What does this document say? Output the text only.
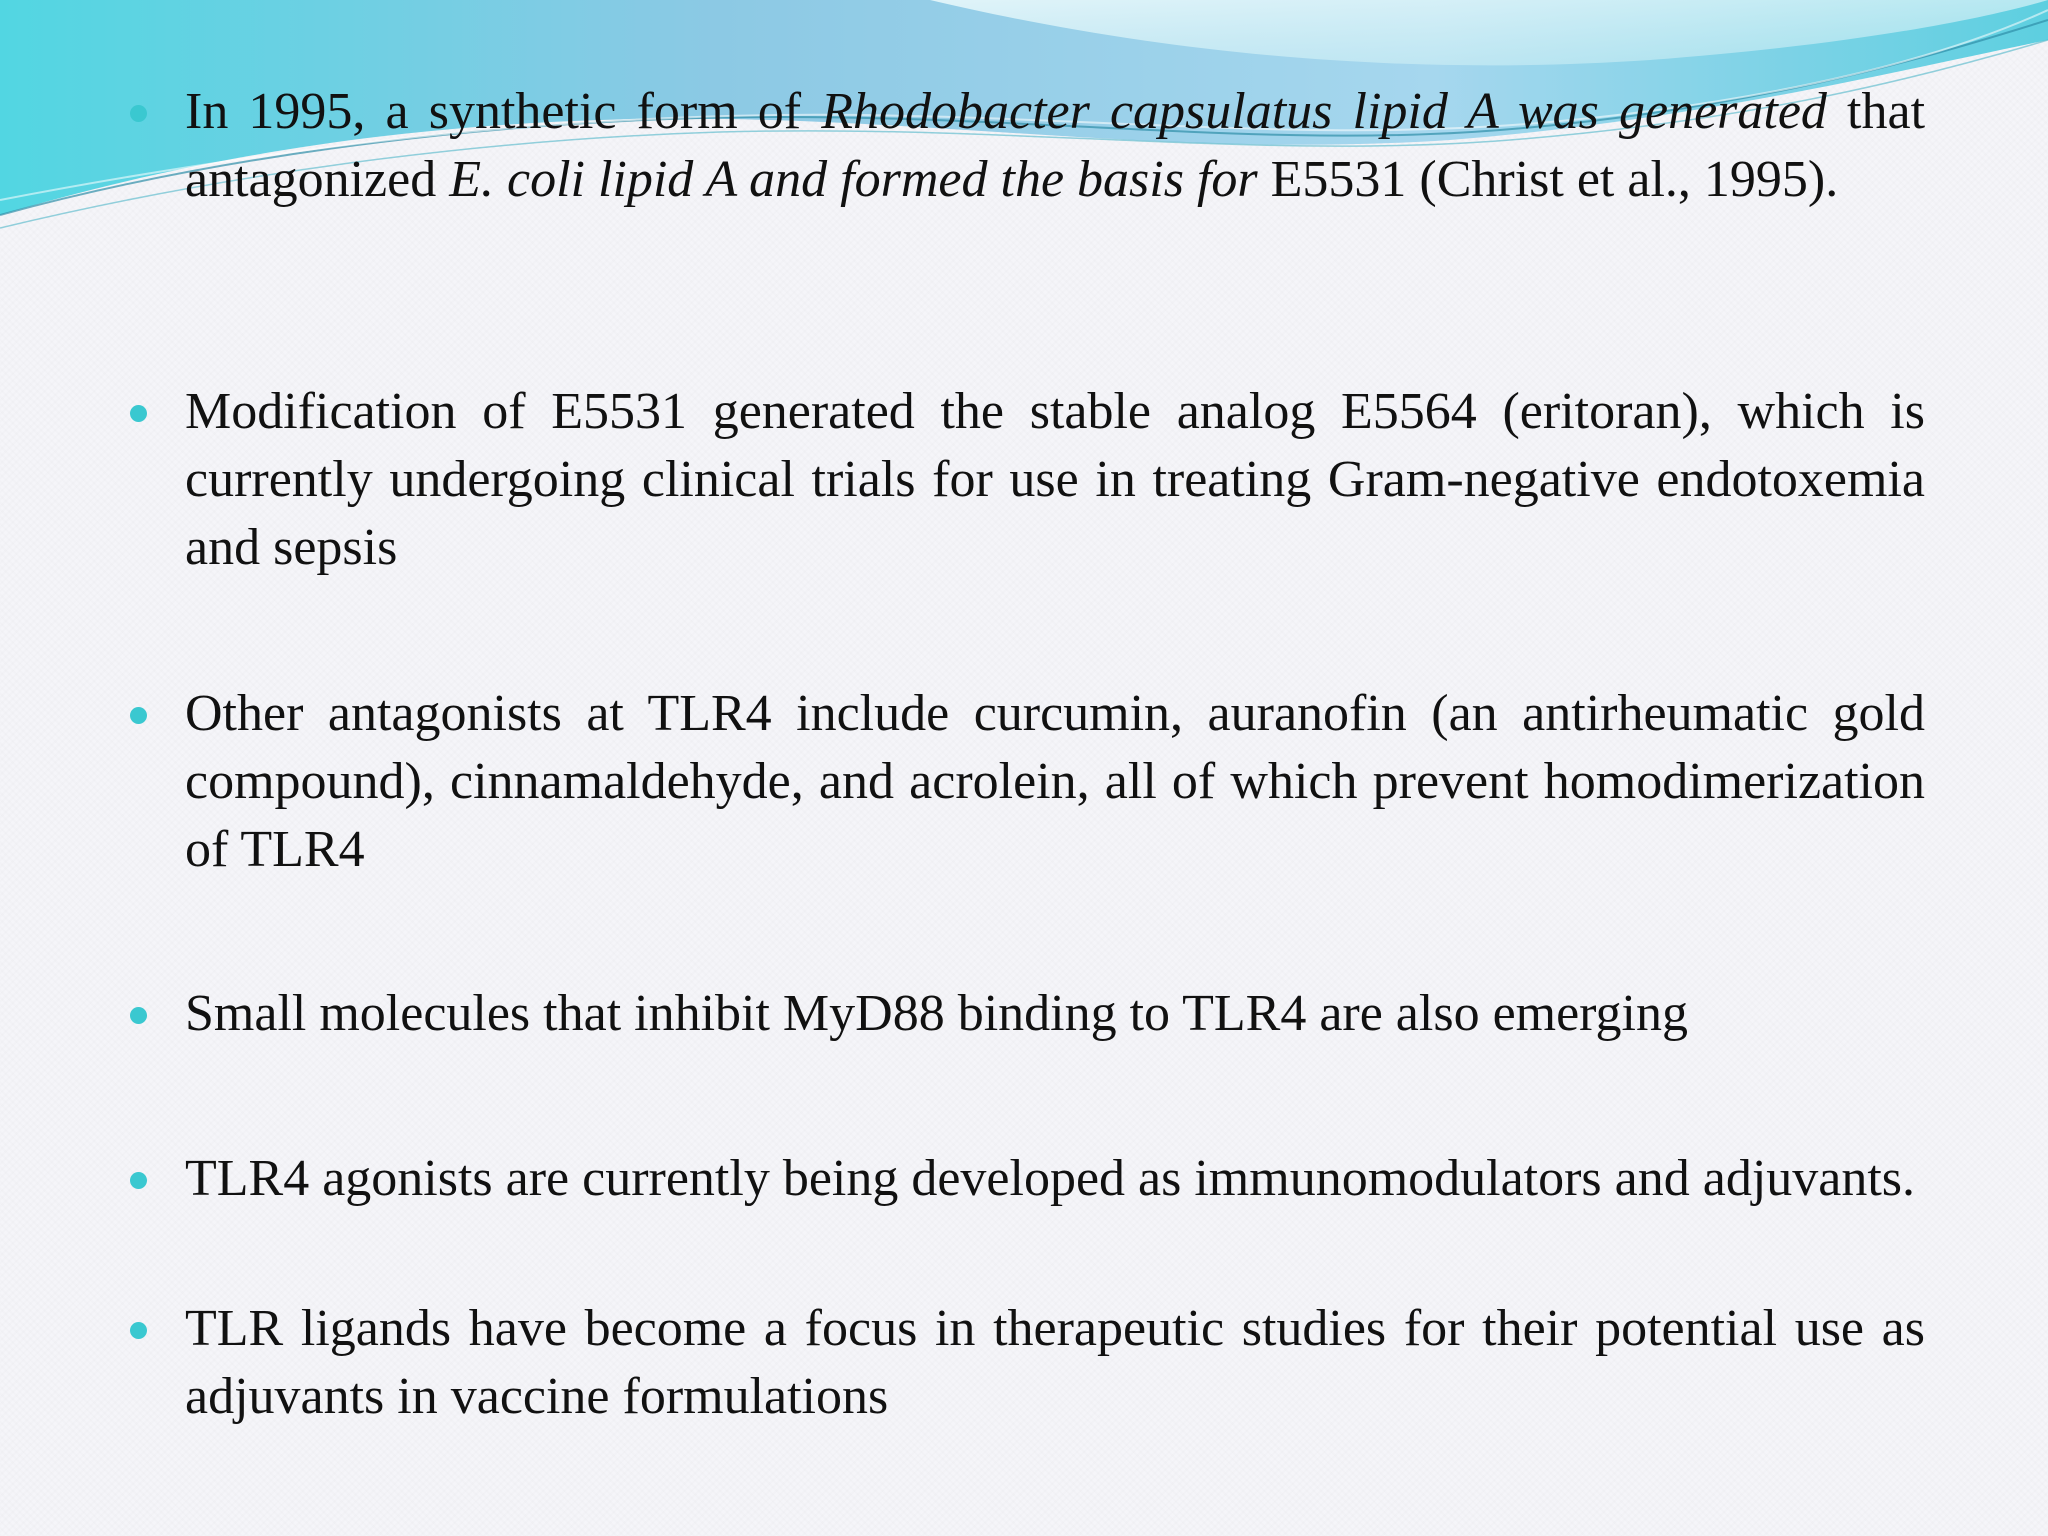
In 1995, a synthetic form of Rhodobacter capsulatus lipid A was generated that antagonized E. coli lipid A and formed the basis for E5531 (Christ et al., 1995).
Modification of E5531 generated the stable analog E5564 (eritoran), which is currently undergoing clinical trials for use in treating Gram-negative endotoxemia and sepsis
Other antagonists at TLR4 include curcumin, auranofin (an antirheumatic gold compound), cinnamaldehyde, and acrolein, all of which prevent homodimerization of TLR4
Small molecules that inhibit MyD88 binding to TLR4 are also emerging
TLR4 agonists are currently being developed as immunomodulators and adjuvants.
TLR ligands have become a focus in therapeutic studies for their potential use as adjuvants in vaccine formulations
